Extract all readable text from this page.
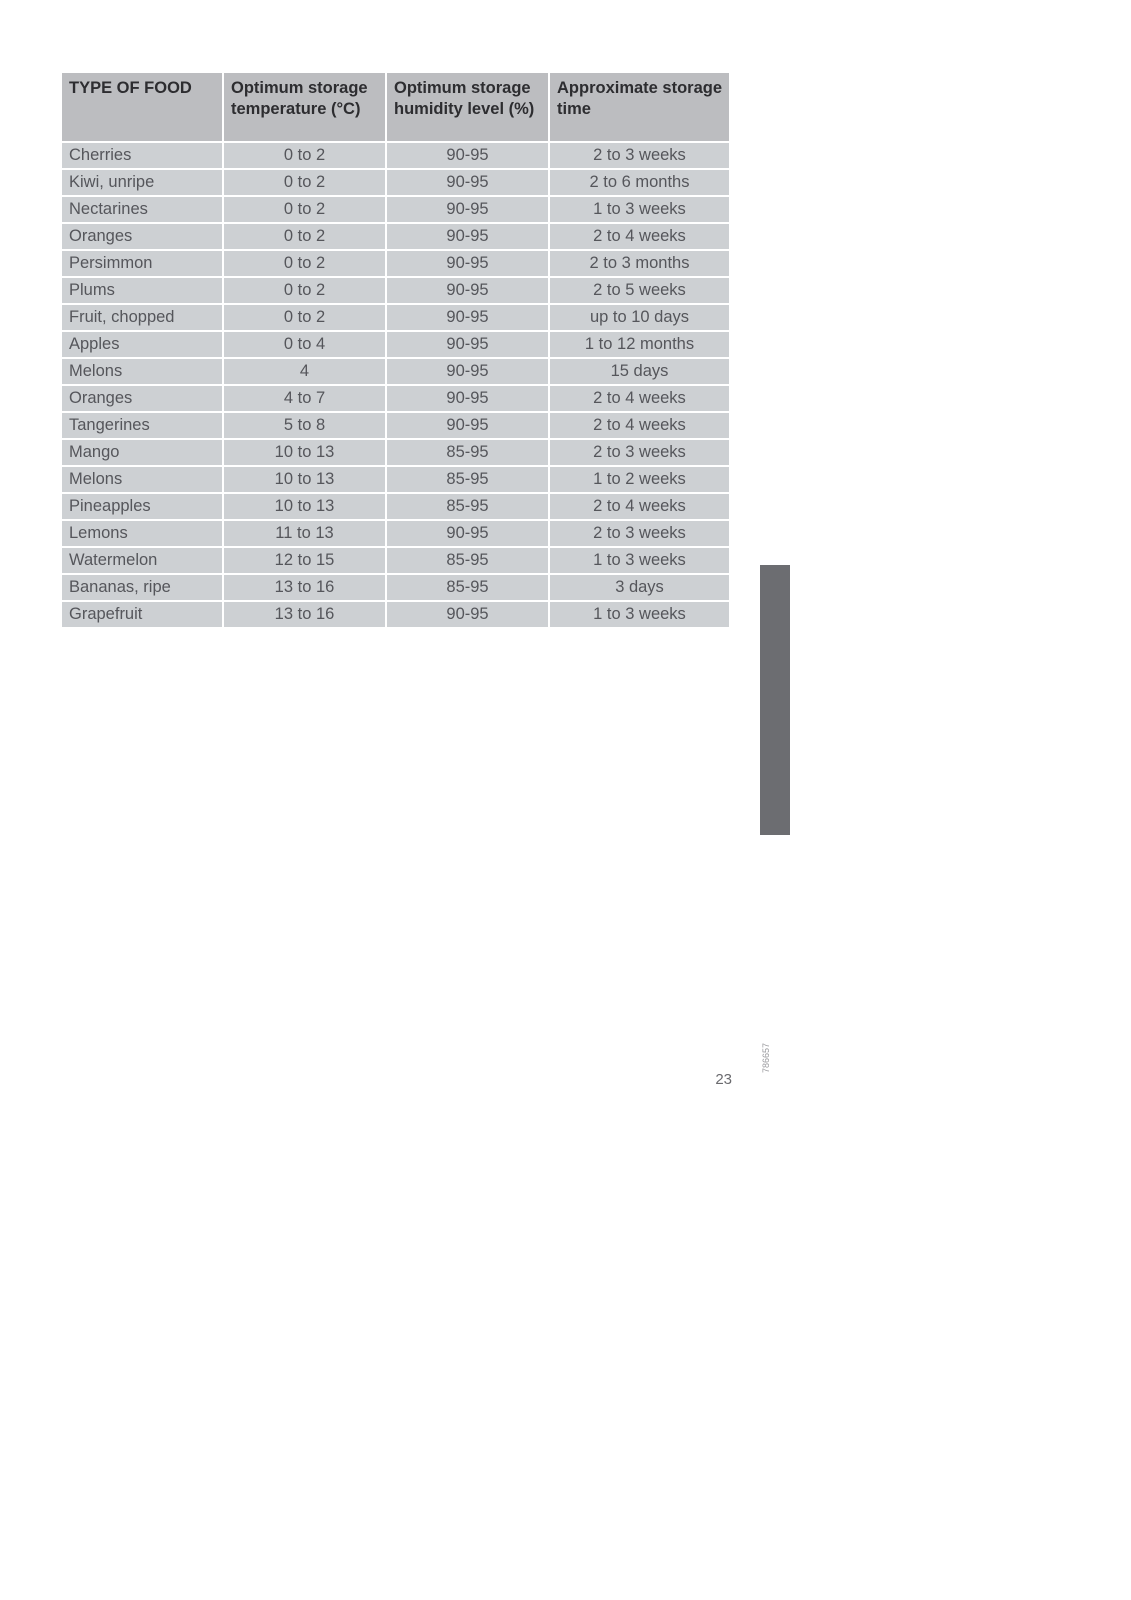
TYPE OF FOOD	Optimum storage temperature (°C)	Optimum storage humidity level (%)	Approximate storage time
Cherries	0 to 2	90-95	2 to 3 weeks
Kiwi, unripe	0 to 2	90-95	2 to 6 months
Nectarines	0 to 2	90-95	1 to 3 weeks
Oranges	0 to 2	90-95	2 to 4 weeks
Persimmon	0 to 2	90-95	2 to 3 months
Plums	0 to 2	90-95	2 to 5 weeks
Fruit, chopped	0 to 2	90-95	up to 10 days
Apples	0 to 4	90-95	1 to 12 months
Melons	4	90-95	15 days
Oranges	4 to 7	90-95	2 to 4 weeks
Tangerines	5 to 8	90-95	2 to 4 weeks
Mango	10 to 13	85-95	2 to 3 weeks
Melons	10 to 13	85-95	1 to 2 weeks
Pineapples	10 to 13	85-95	2 to 4 weeks
Lemons	11 to 13	90-95	2 to 3 weeks
Watermelon	12 to 15	85-95	1 to 3 weeks
Bananas, ripe	13 to 16	85-95	3 days
Grapefruit	13 to 16	90-95	1 to 3 weeks
786657
23
